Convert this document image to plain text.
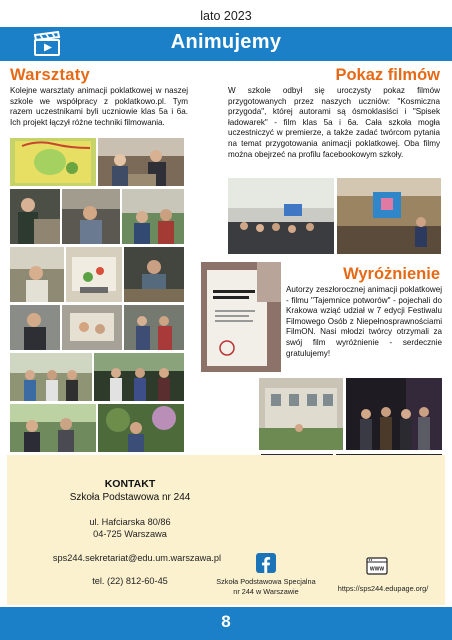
lato 2023
Animujemy
Warsztaty

Kolejne warsztaty animacji poklatkowej w naszej szkole we współpracy z poklatkowo.pl. Tym razem uczestnikami byli uczniowie klas 5a i 6a. Ich projekt łączył różne techniki filmowania.

Pokaz filmów

W szkole odbył się uroczysty pokaz filmów przygotowanych przez naszych uczniów: "Kosmiczna przygoda", której autorami są ósmoklasiści i "Spisek ładowarek" - film klas 5a i 6a. Cała szkoła mogła uczestniczyć w premierze, a także zadać twórcom pytania na temat przygotowania animacji poklatkowej. Oba filmy można obejrzeć na profilu facebookowym szkoły.

Wyróżnienie

Autorzy zeszłorocznej animacji poklatkowej - filmu "Tajemnice potworów" - pojechali do Krakowa wziąć udział w 7 edycji Festiwalu Filmowego Osób z Niepełnosprawnościami FilmON. Nasi młodzi twórcy otrzymali za swój film wyróżnienie - serdecznie gratulujemy!

KONTAKT
Szkoła Podstawowa nr 244
ul. Hafciarska 80/86
04-725 Warszawa
sps244.sekretariat@edu.um.warszawa.pl
tel. (22) 812-60-45	Szkoła Podstawowa Specjalna
nr 244 w Warszawie
WWW
https://sps244.edupage.org/
8
